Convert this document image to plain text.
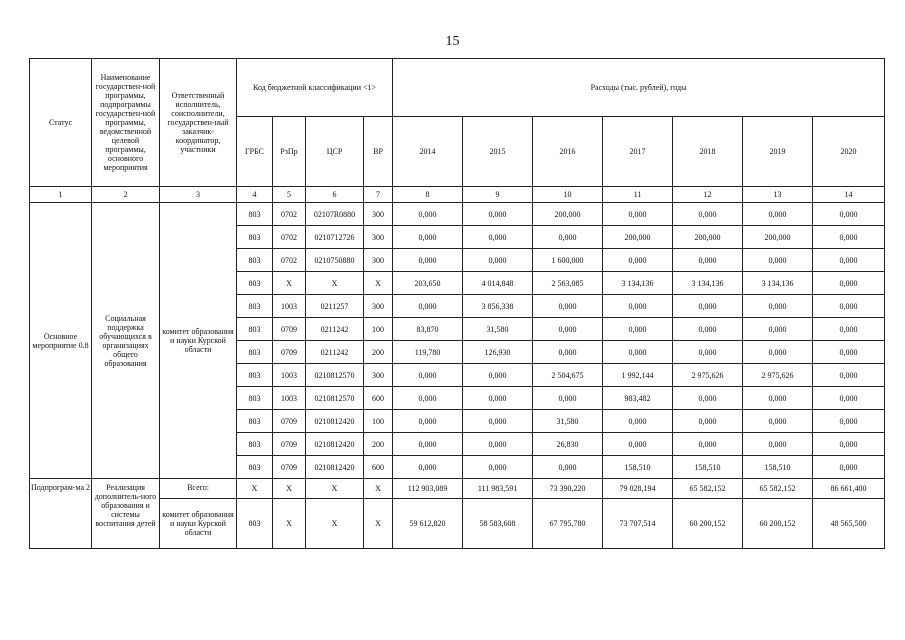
15
Статус	Наименование государствен-ной программы, подпрограммы государствен-ной программы, ведомственной целевой программы, основного мероприятия	Ответственный исполнитель, соисполнители, государствен-ный заказчик-координатор, участники	Код бюджетной классификации <1>				Расходы (тыс. рублей), годы						
			ГРБС	РзПр	ЦСР	ВР	2014	2015	2016	2017	2018	2019	2020
1	2	3	4	5	6	7	8	9	10	11	12	13	14
Основное мероприятие 0.8	Социальная поддержка обучающихся в организациях общего образования	комитет образования и науки Курской области	803	0702	02107R0880	300	0,000	0,000	200,000	0,000	0,000	0,000	0,000
			803	0702	0210712726	300	0,000	0,000	0,000	200,000	200,000	200,000	0,000
			803	0702	0210750880	300	0,000	0,000	1 600,000	0,000	0,000	0,000	0,000
			803	Х	Х	Х	203,650	4 014,848	2 563,085	3 134,136	3 134,136	3 134,136	0,000
			803	1003	0211257	300	0,000	3 856,338	0,000	0,000	0,000	0,000	0,000
			803	0709	0211242	100	83,870	31,580	0,000	0,000	0,000	0,000	0,000
			803	0709	0211242	200	119,780	126,930	0,000	0,000	0,000	0,000	0,000
			803	1003	0210812570	300	0,000	0,000	2 504,675	1 992,144	2 975,626	2 975,626	0,000
			803	1003	0210812570	600	0,000	0,000	0,000	983,482	0,000	0,000	0,000
			803	0709	0210812420	100	0,000	0,000	31,580	0,000	0,000	0,000	0,000
			803	0709	0210812420	200	0,000	0,000	26,830	0,000	0,000	0,000	0,000
			803	0709	0210812420	600	0,000	0,000	0,000	158,510	158,510	158,510	0,000
Подпрограм-ма 2	Реализация дополнитель-ного образования и системы воспитания детей	Всего:	Х	Х	Х	Х	112 903,089	111 983,591	73 390,220	79 028,194	65 582,152	65 582,152	86 661,400
		комитет образования и науки Курской области	803	Х	Х	Х	59 612,820	58 583,608	67 795,780	73 707,514	60 200,152	60 200,152	48 565,500
